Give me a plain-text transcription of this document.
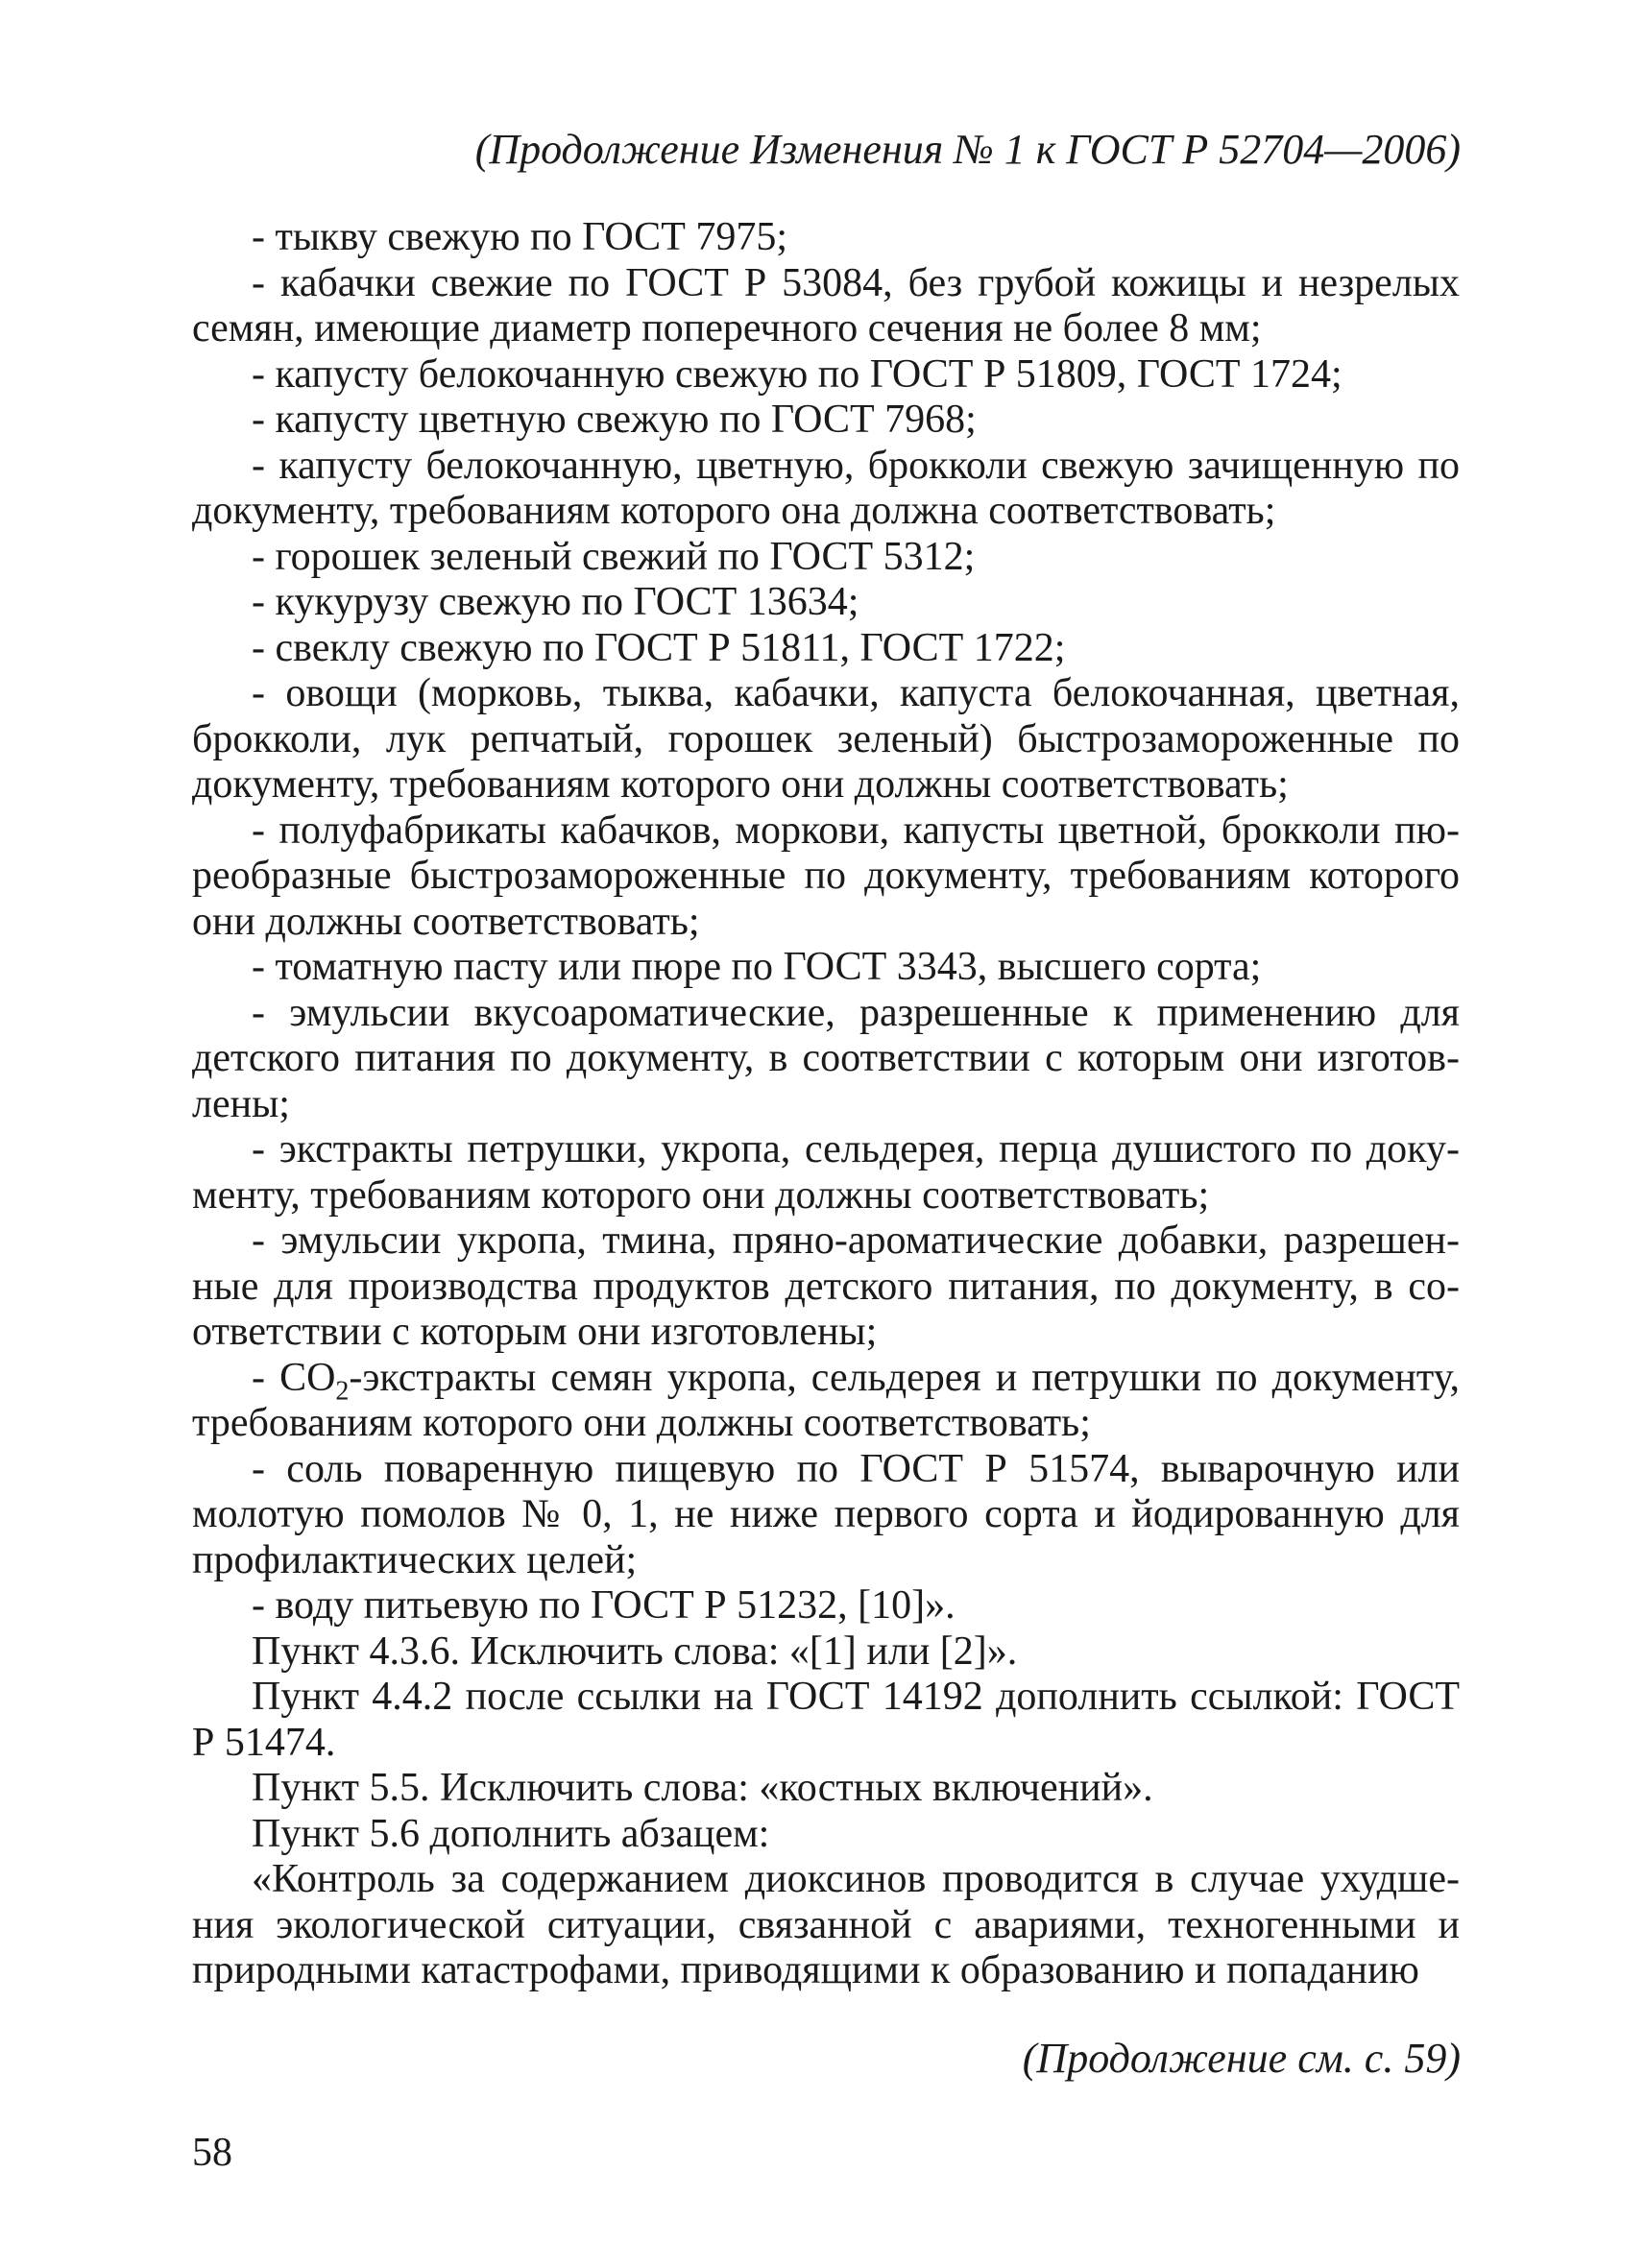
(Продолжение Изменения № 1 к ГОСТ Р 52704—2006)

- тыкву свежую по ГОСТ 7975;

- кабачки свежие по ГОСТ Р 53084, без грубой кожицы и незрелых семян, имеющие диаметр поперечного сечения не более 8 мм;

- капусту белокочанную свежую по ГОСТ Р 51809, ГОСТ 1724;

- капусту цветную свежую по ГОСТ 7968;

- капусту белокочанную, цветную, брокколи свежую зачищенную по документу, требованиям которого она должна соответствовать;

- горошек зеленый свежий по ГОСТ 5312;

- кукурузу свежую по ГОСТ 13634;

- свеклу свежую по ГОСТ Р 51811, ГОСТ 1722;

- овощи (морковь, тыква, кабачки, капуста белокочанная, цветная, брокколи, лук репчатый, горошек зеленый) быстрозамороженные по документу, требованиям которого они должны соответствовать;

- полуфабрикаты кабачков, моркови, капусты цветной, брокколи пюреобразные быстрозамороженные по документу, требованиям которого они должны соответствовать;

- томатную пасту или пюре по ГОСТ 3343, высшего сорта;

- эмульсии вкусоароматические, разрешенные к применению для детского питания по документу, в соответствии с которым они изготовлены;

- экстракты петрушки, укропа, сельдерея, перца душистого по документу, требованиям которого они должны соответствовать;

- эмульсии укропа, тмина, пряно-ароматические добавки, разрешенные для производства продуктов детского питания, по документу, в соответствии с которым они изготовлены;

- $CO_2$-экстракты семян укропа, сельдерея и петрушки по документу, требованиям которого они должны соответствовать;

- соль поваренную пищевую по ГОСТ Р 51574, выварочную или молотую помолов № 0, 1, не ниже первого сорта и йодированную для профилактических целей;

- воду питьевую по ГОСТ Р 51232, [10]».

Пункт 4.3.6. Исключить слова: «[1] или [2]».

Пункт 4.4.2 после ссылки на ГОСТ 14192 дополнить ссылкой: ГОСТ Р 51474.

Пункт 5.5. Исключить слова: «костных включений».

Пункт 5.6 дополнить абзацем:

«Контроль за содержанием диоксинов проводится в случае ухудшения экологической ситуации, связанной с авариями, техногенными и природными катастрофами, приводящими к образованию и попаданию

(Продолжение см. с. 59)
58
